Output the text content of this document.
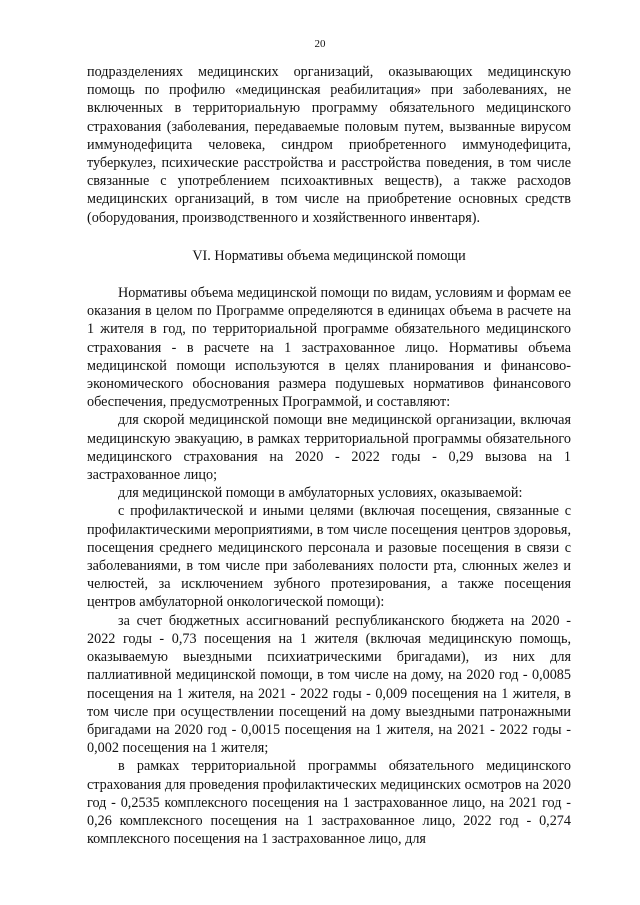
20

подразделениях медицинских организаций, оказывающих медицинскую помощь по профилю «медицинская реабилитация» при заболеваниях, не включенных в территориальную программу обязательного медицинского страхования (заболевания, передаваемые половым путем, вызванные вирусом иммунодефицита человека, синдром приобретенного иммунодефицита, туберкулез, психические расстройства и расстройства поведения, в том числе связанные с употреблением психоактивных веществ), а также расходов медицинских организаций, в том числе на приобретение основных средств (оборудования, производственного и хозяйственного инвентаря).

VI. Нормативы объема медицинской помощи

Нормативы объема медицинской помощи по видам, условиям и формам ее оказания в целом по Программе определяются в единицах объема в расчете на 1 жителя в год, по территориальной программе обязательного медицинского страхования - в расчете на 1 застрахованное лицо. Нормативы объема медицинской помощи используются в целях планирования и финансово-экономического обоснования размера подушевых нормативов финансового обеспечения, предусмотренных Программой, и составляют:

для скорой медицинской помощи вне медицинской организации, включая медицинскую эвакуацию, в рамках территориальной программы обязательного медицинского страхования на 2020 - 2022 годы - 0,29 вызова на 1 застрахованное лицо;

для медицинской помощи в амбулаторных условиях, оказываемой:

с профилактической и иными целями (включая посещения, связанные с профилактическими мероприятиями, в том числе посещения центров здоровья, посещения среднего медицинского персонала и разовые посещения в связи с заболеваниями, в том числе при заболеваниях полости рта, слюнных желез и челюстей, за исключением зубного протезирования, а также посещения центров амбулаторной онкологической помощи):

за счет бюджетных ассигнований республиканского бюджета на 2020 - 2022 годы - 0,73 посещения на 1 жителя (включая медицинскую помощь, оказываемую выездными психиатрическими бригадами), из них для паллиативной медицинской помощи, в том числе на дому, на 2020 год - 0,0085 посещения на 1 жителя, на 2021 - 2022 годы - 0,009 посещения на 1 жителя, в том числе при осуществлении посещений на дому выездными патронажными бригадами на 2020 год - 0,0015 посещения на 1 жителя, на 2021 - 2022 годы - 0,002 посещения на 1 жителя;

в рамках территориальной программы обязательного медицинского страхования для проведения профилактических медицинских осмотров на 2020 год - 0,2535 комплексного посещения на 1 застрахованное лицо, на 2021 год - 0,26 комплексного посещения на 1 застрахованное лицо, 2022 год - 0,274 комплексного посещения на 1 застрахованное лицо, для
